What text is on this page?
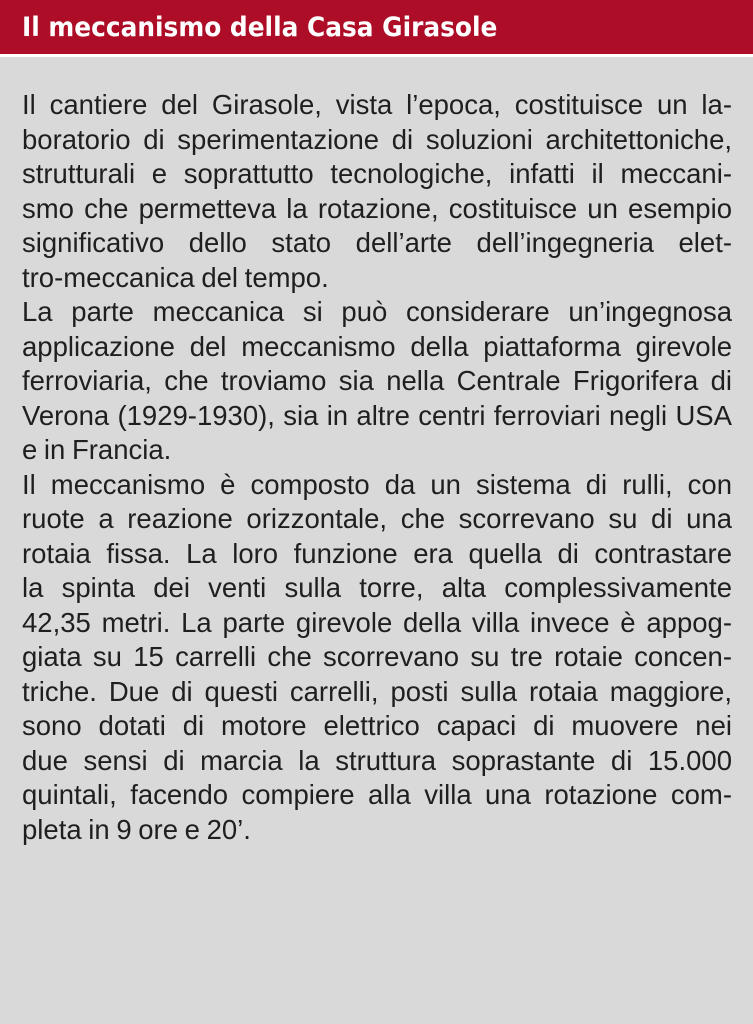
Il meccanismo della Casa Girasole

Il cantiere del Girasole, vista l’epoca, costituisce un la-
boratorio di sperimentazione di soluzioni architettoniche,
strutturali e soprattutto tecnologiche, infatti il meccani-
smo che permetteva la rotazione, costituisce un esempio
significativo dello stato dell’arte dell’ingegneria elet-
tro-meccanica del tempo.

La parte meccanica si può considerare un’ingegnosa
applicazione del meccanismo della piattaforma girevole
ferroviaria, che troviamo sia nella Centrale Frigorifera di
Verona (1929-1930), sia in altre centri ferroviari negli USA
e in Francia.

Il meccanismo è composto da un sistema di rulli, con
ruote a reazione orizzontale, che scorrevano su di una
rotaia fissa. La loro funzione era quella di contrastare
la spinta dei venti sulla torre, alta complessivamente
42,35 metri. La parte girevole della villa invece è appog-
giata su 15 carrelli che scorrevano su tre rotaie concen-
triche. Due di questi carrelli, posti sulla rotaia maggiore,
sono dotati di motore elettrico capaci di muovere nei
due sensi di marcia la struttura soprastante di 15.000
quintali, facendo compiere alla villa una rotazione com-
pleta in 9 ore e 20’.
